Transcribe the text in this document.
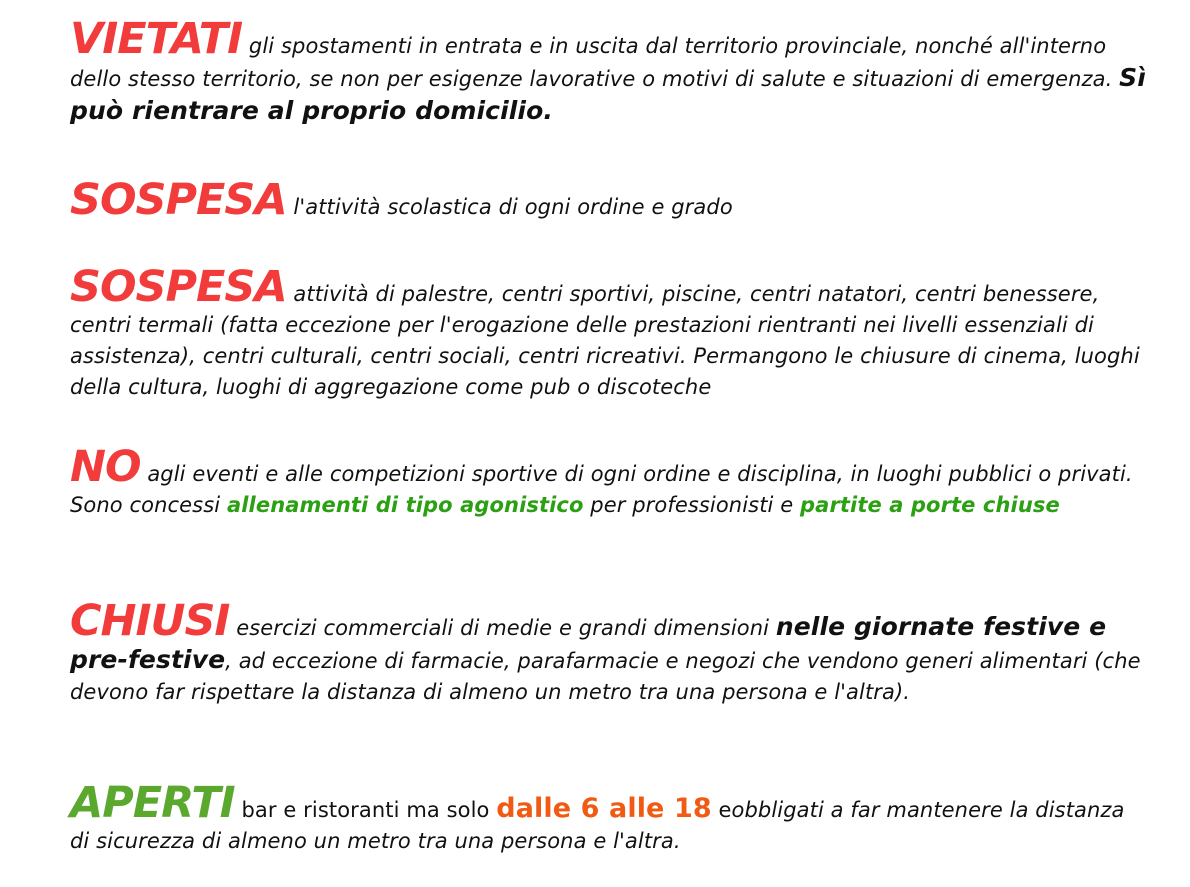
VIETATI gli spostamenti in entrata e in uscita dal territorio provinciale, nonché all'interno dello stesso territorio, se non per esigenze lavorative o motivi di salute e situazioni di emergenza. Sì può rientrare al proprio domicilio.
SOSPESA l'attività scolastica di ogni ordine e grado
SOSPESA attività di palestre, centri sportivi, piscine, centri natatori, centri benessere, centri termali (fatta eccezione per l'erogazione delle prestazioni rientranti nei livelli essenziali di assistenza), centri culturali, centri sociali, centri ricreativi. Permangono le chiusure di cinema, luoghi della cultura, luoghi di aggregazione come pub o discoteche
NO agli eventi e alle competizioni sportive di ogni ordine e disciplina, in luoghi pubblici o privati. Sono concessi allenamenti di tipo agonistico per professionisti e partite a porte chiuse
CHIUSI esercizi commerciali di medie e grandi dimensioni nelle giornate festive e pre-festive, ad eccezione di farmacie, parafarmacie e negozi che vendono generi alimentari (che devono far rispettare la distanza di almeno un metro tra una persona e l'altra).
APERTI bar e ristoranti ma solo dalle 6 alle 18 eobbligati a far mantenere la distanza di sicurezza di almeno un metro tra una persona e l'altra.
